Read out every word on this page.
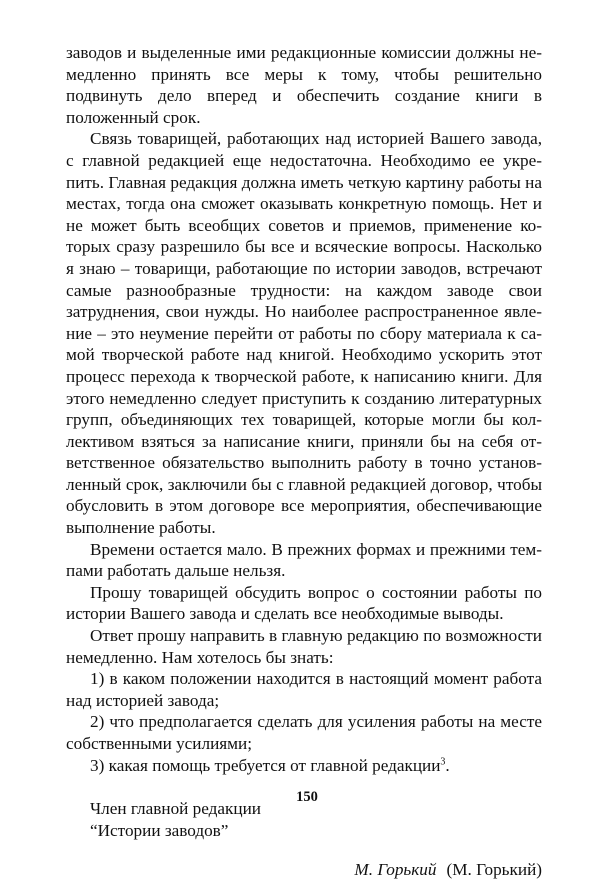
заводов и выделенные ими редакционные комиссии должны немедленно принять все меры к тому, чтобы решительно подвинуть дело вперед и обеспечить создание книги в положенный срок.

Связь товарищей, работающих над историей Вашего завода, с главной редакцией еще недостаточна. Необходимо ее укрепить. Главная редакция должна иметь четкую картину работы на местах, тогда она сможет оказывать конкретную помощь. Нет и не может быть всеобщих советов и приемов, применение которых сразу разрешило бы все и всяческие вопросы. Насколько я знаю – товарищи, работающие по истории заводов, встречают самые разнообразные трудности: на каждом заводе свои затруднения, свои нужды. Но наиболее распространенное явление – это неумение перейти от работы по сбору материала к самой творческой работе над книгой. Необходимо ускорить этот процесс перехода к творческой работе, к написанию книги. Для этого немедленно следует приступить к созданию литературных групп, объединяющих тех товарищей, которые могли бы коллективом взяться за написание книги, приняли бы на себя ответственное обязательство выполнить работу в точно установленный срок, заключили бы с главной редакцией договор, чтобы обусловить в этом договоре все мероприятия, обеспечивающие выполнение работы.

Времени остается мало. В прежних формах и прежними темпами работать дальше нельзя.

Прошу товарищей обсудить вопрос о состоянии работы по истории Вашего завода и сделать все необходимые выводы.

Ответ прошу направить в главную редакцию по возможности немедленно. Нам хотелось бы знать:

1) в каком положении находится в настоящий момент работа над историей завода;

2) что предполагается сделать для усиления работы на месте собственными усилиями;

3) какая помощь требуется от главной редакции$^3$.

Член главной редакции

“Истории заводов”

М. Горький (М. Горький)

150
